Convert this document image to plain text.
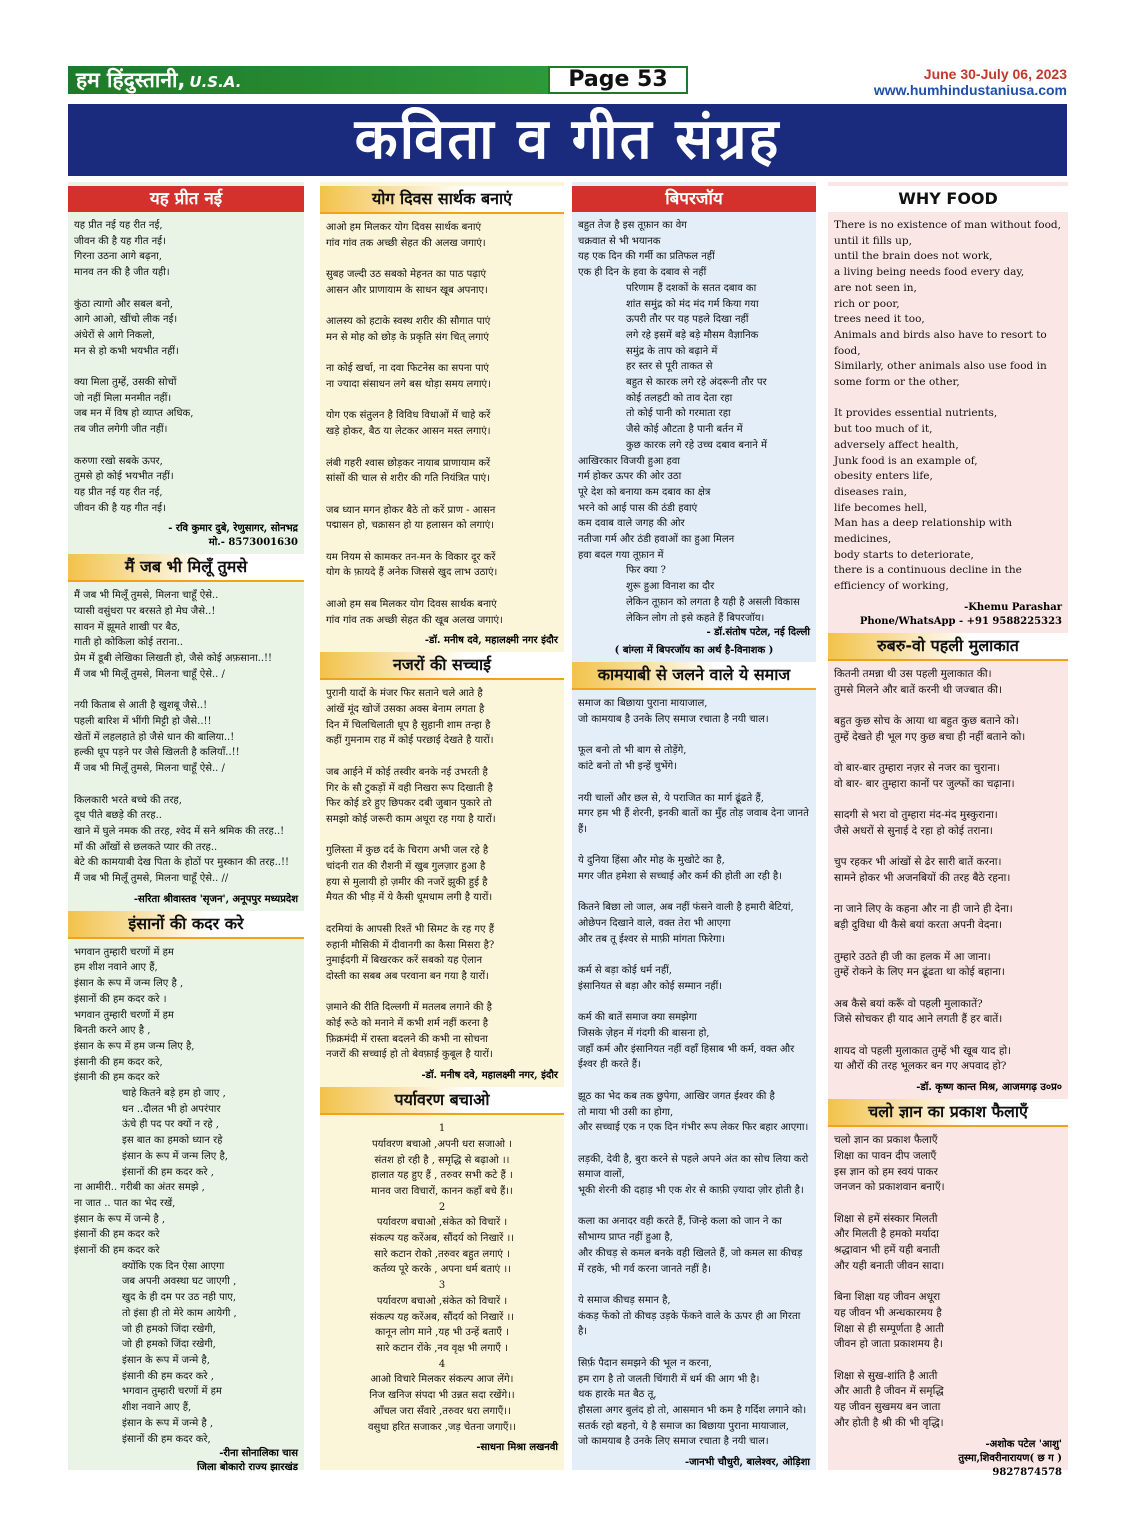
हम हिंदुस्तानी, U.S.A.	Page 53	June 30-July 06, 2023
www.humhindustaniusa.com
कविता व गीत संग्रह
यह प्रीत नई

यह प्रीत नई यह रीत नई,
जीवन की है यह गीत नई।
गिरना उठना आगे बढ़ना,
मानव तन की है जीत यही।

कुंठा त्यागो और सबल बनो,
आगे आओ, खींचो लीक नई।
अंधेरों से आगे निकलो,
मन से हो कभी भयभीत नहीं।

क्या मिला तुम्हें, उसकी सोचों
जो नहीं मिला मनमीत नहीं।
जब मन में विष हो व्याप्त अधिक,
तब जीत लगेगी जीत नहीं।

करुणा रखो सबके ऊपर,
तुमसे हो कोई भयभीत नहीं।
यह प्रीत नई यह रीत नई,
जीवन की है यह गीत नई।

- रवि कुमार दुबे, रेणुसागर, सोनभद्र
मो.- 8573001630
मैं जब भी मिलूँ तुमसे

मैं जब भी मिलूँ तुमसे, मिलना चाहूँ ऐसे..
प्यासी वसुंधरा पर बरसते हो मेघ जैसे..!
सावन में झूमते शाखी पर बैठ,
गाती हो कोकिला कोई तराना..
प्रेम में डूबी लेखिका लिखती हो, जैसे कोई अफ़साना..!!
मैं जब भी मिलूँ तुमसे, मिलना चाहूँ ऐसे.. /

नयी किताब से आती है खुशबू जैसे..!
पहली बारिश में भींगी मिट्टी हो जैसे..!!
खेतों में लहलहाते हो जैसे धान की बालिया..!
हल्की धूप पड़ने पर जैसे खिलती है कलियाँ..!!
मैं जब भी मिलूँ तुमसे, मिलना चाहूँ ऐसे.. /

किलकारी भरते बच्चे की तरह,
दूध पीते बछड़े की तरह..
खाने में घुले नमक की तरह, श्वेद में सने श्रमिक की तरह..!
माँ की आँखों से छलकते प्यार की तरह..
बेटे की कामयाबी देख पिता के होठों पर मुस्कान की तरह..!!
मैं जब भी मिलूँ तुमसे, मिलना चाहूँ ऐसे.. //

-सरिता श्रीवास्तव 'सृजन', अनूपपुर मध्यप्रदेश
इंसानों की कदर करे

भगवान तुम्हारी चरणों में हम
हम शीश नवाने आए हैं,
इंसान के रूप में जन्म लिए है ,
इंसानों की हम कदर करे ।
भगवान तुम्हारी चरणों में हम
बिनती करने आए है ,
इंसान के रूप में हम जन्म लिए है,
इंसानी की हम कदर करे,
इंसानी की हम कदर करे

चाहे कितने बड़े हम हो जाए ,
धन ..दौलत भी हो अपरंपार
ऊंचे ही पद पर क्यों न रहे ,
इस बात का हमको ध्यान रहे
इंसान के रूप में जन्म लिए है,
इंसानों की हम कदर करे ,

ना आमीरी.. गरीबी का अंतर समझे ,
ना जात .. पात का भेद रखें,
इंसान के रूप में जन्मे है ,
इंसानों की हम कदर करे
इंसानों की हम कदर करे

क्योंकि एक दिन ऐसा आएगा
जब अपनी अवस्था घट जाएगी ,
खुद के ही दम पर उठ नही पाए,
तो इंसा ही तो मेरे काम आयेगी ,
जो ही हमको जिंदा रखेगी,
जो ही हमको जिंदा रखेगी,
इंसान के रूप में जन्मे है,
इंसानी की हम कदर करे ,
भगवान तुम्हारी चरणों में हम
शीश नवाने आए हैं,
इंसान के रूप में जन्मे है ,
इंसानों की हम कदर करे,

-रीना सोनालिका चास
जिला बोकारो राज्य झारखंड
योग दिवस सार्थक बनाएं

आओ हम मिलकर योग दिवस सार्थक बनाएं
गांव गांव तक अच्छी सेहत की अलख जगाएं।

सुबह जल्दी उठ सबको मेहनत का पाठ पढ़ाएं
आसन और प्राणायाम के साधन खूब अपनाए।

आलस्य को हटाके स्वस्थ शरीर की सौगात पाएं
मन से मोह को छोड़ के प्रकृति संग चित् लगाएं

ना कोई खर्चा, ना दवा फिटनेस का सपना पाएं
ना ज्यादा संसाधन लगे बस थोड़ा समय लगाएं।

योग एक संतुलन है विविध विधाओं में चाहे करें
खड़े होकर, बैठ या लेटकर आसन मस्त लगाएं।

लंबी गहरी श्वास छोड़कर नायाब प्राणायाम करें
सांसों की चाल से शरीर की गति नियंत्रित पाएं।

जब ध्यान मगन होकर बैठे तो करें प्राण - आसन
पद्मासन हो, चक्रासन हो या हलासन को लगाएं।

यम नियम से कामकर तन-मन के विकार दूर करें
योग के फ़ायदे हैं अनेक जिससे खुद लाभ उठाएं।

आओ हम सब मिलकर योग दिवस सार्थक बनाएं
गांव गांव तक अच्छी सेहत की खूब अलख जगाएं।

-डॉ. मनीष दवे, महालक्ष्मी नगर इंदौर
नजरों की सच्चाई

पुरानी यादों के मंजर फिर सताने चले आते है
आंखें मूंद खोजें उसका अक्स बेनाम लगता है
दिन में चिलचिलाती धूप है सुहानी शाम तन्हा है
कहीं गुमनाम राह में कोई परछाई देखते है यारों।

जब आईने में कोई तस्वीर बनके नई उभरती है
गिर के सौ टुकड़ों में वही निखरा रूप दिखाती है
फिर कोई डरे हुए छिपकर दबी जुबान पुकारे तो
समझो कोई जरूरी काम अधूरा रह गया है यारों।

गुलिस्ता में कुछ दर्द के चिराग अभी जल रहे है
चांदनी रात की रौशनी में खुब गुलज़ार हुआ है
हया से मुलायी हो ज़मीर की नजरें झुकी हुई है
मैयत की भीड़ में ये कैसी धूमधाम लगी है यारों।

दरमियां के आपसी रिश्तें भी सिमट के रह गए हैं
रुहानी मौसिकी में दीवानगी का कैसा मिसरा है?
नुमाईदगी में बिखरकर करें सबको यह ऐलान
दोस्ती का सबब अब परवाना बन गया है यारों।

ज़माने की रीति दिल्लगी में मतलब लगाने की है
कोई रूठे को मनाने में कभी शर्म नहीं करना है
फ़िक्रमंदी में रास्ता बदलने की कभी ना सोचना
नजरों की सच्चाई हो तो बेवफ़ाई कुबूल है यारों।

-डॉ. मनीष दवे, महालक्ष्मी नगर, इंदौर
पर्यावरण बचाओ

1
पर्यावरण बचाओ ,अपनी धरा सजाओ ।
संतश हो रही है , समृद्धि से बढ़ाओ ।।
हालात यह हुए हैं , तरुवर सभी कटे हैं ।
मानव जरा विचारों, कानन कहाँ बचे हैं।।
2
पर्यावरण बचाओ ,संकेत को विचारें ।
संकल्प यह करेंअब, सौंदर्य को निखारें ।।
सारे कटान रोको ,तरुवर बहुत लगाएं ।
कर्तव्य पूरे करके , अपना धर्म बताएं ।।
3
पर्यावरण बचाओ ,संकेत को विचारें ।
संकल्प यह करेंअब, सौंदर्य को निखारें ।।
कानून लोग माने ,यह भी उन्हें बताएँ ।
सारे कटान रोंके ,नव वृक्ष भी लगाएँ ।
4
आओ विचारे मिलकर संकल्प आज लेंगे।
निज खनिज संपदा भी उन्नत सदा रखेंगे।।
आँचल जरा सँवारे ,तरुवर धरा लगाएँ।।
वसुधा हरित सजाकर ,जड़ चेतना जगाएँ।।

-साधना मिश्रा लखनवी
बिपरजॉय

बहुत तेज है इस तूफ़ान का वेग
चक्रवात से भी भयानक
यह एक दिन की गर्मी का प्रतिफल नहीं
एक ही दिन के हवा के दबाव से नहीं

परिणाम हैं दशकों के सतत दबाव का
शांत समुंद्र को मंद मंद गर्म किया गया
ऊपरी तौर पर यह पहले दिखा नहीं
लगे रहे इसमें बड़े बड़े मौसम वैज्ञानिक
समुंद्र के ताप को बढ़ाने में
हर स्तर से पूरी ताकत से
बहुत से कारक लगे रहे अंदरूनी तौर पर
कोई तलहटी को ताव देता रहा
तो कोई पानी को गरमाता रहा
जैसे कोई औटता है पानी बर्तन में
कुछ कारक लगे रहे उच्च दबाव बनाने में

आखिरकार विजयी हुआ हवा
गर्म होकर ऊपर की ओर उठा
पूरे देश को बनाया कम दबाव का क्षेत्र
भरने को आई पास की ठंडी हवाएं
कम दवाब वाले जगह की ओर
नतीजा गर्म और ठंडी हवाओं का हुआ मिलन
हवा बदल गया तूफ़ान में

फिर क्या ?
शुरू हुआ विनाश का दौर
लेकिन तूफ़ान को लगता है यही है असली विकास
लेकिन लोग तो इसे कहते हैं बिपरजॉय।

- डॉ.संतोष पटेल, नई दिल्ली
( बांग्ला में बिपरजॉय का अर्थ है-विनाशक )
कामयाबी से जलने वाले ये समाज

समाज का बिछाया पुराना मायाजाल,
जो कामयाब है उनके लिए समाज रचाता है नयी चाल।

फूल बनो तो भी बाग से तोड़ेंगे,
कांटे बनो तो भी इन्हें चुभेंगे।

नयी चालों और छल से, ये पराजित का मार्ग ढूंढते हैं,
मगर हम भी हैं शेरनी, इनकी बातों का मुँह तोड़ जवाब देना जानते हैं।

ये दुनिया हिंसा और मोह के मुखोटे का है,
मगर जीत हमेशा से सच्चाई और कर्म की होती आ रही है।

कितने बिछा लो जाल, अब नहीं फंसने वाली है हमारी बेटियां,
ओछेपन दिखाने वाले, वक्त तेरा भी आएगा
और तब तू ईश्वर से माफ़ी मांगता फिरेगा।

कर्म से बड़ा कोई धर्म नहीं,
इंसानियत से बड़ा और कोई सम्मान नहीं।

कर्म की बातें समाज क्या समझेगा
जिसके ज़ेहन में गंदगी की बासना हो,
जहाँ कर्म और इंसानियत नहीं वहाँ हिसाब भी कर्म, वक्त और ईश्वर ही करते हैं।

झूठ का भेद कब तक छुपेगा, आखिर जगत ईश्वर की है
तो माया भी उसी का होगा,
और सच्चाई एक न एक दिन गंभीर रूप लेकर फिर बहार आएगा।

लड़की, देवी है, बुरा करने से पहले अपने अंत का सोच लिया करो समाज वालों,
भूकी शेरनी की दहाड़ भी एक शेर से काफ़ी ज़्यादा ज़ोर होती है।

कला का अनादर वही करते हैं, जिन्हे कला को जान ने का सौभाग्य प्राप्त नहीं हुआ है,
और कीचड़ से कमल बनके वही खिलते हैं, जो कमल सा कीचड़ में रहके, भी गर्व करना जानते नहीं है।

ये समाज कीचड़ समान है,
कंकड़ फेंको तो कीचड़ उड़के फेंकने वाले के ऊपर ही आ गिरता है।

सिर्फ़ पैदान समझने की भूल न करना,
हम राग है तो जलती चिंगारी में धर्म की आग भी है।
थक हारके मत बैठ तू,
हौसला अगर बुलंद हो तो, आसमान भी कम है गर्दिश लगाने को।
सतर्क रहो बहनो, ये है समाज का बिछाया पुराना मायाजाल,
जो कामयाब है उनके लिए समाज रचाता है नयी चाल।

-जानभी चौधुरी, बालेश्वर, ओड़िशा
WHY FOOD

There is no existence of man without food,
until it fills up,
until the brain does not work,
a living being needs food every day,
are not seen in,
rich or poor,
trees need it too,
Animals and birds also have to resort to food,
Similarly, other animals also use food in some form or the other,

It provides essential nutrients,
but too much of it,
adversely affect health,
Junk food is an example of,
obesity enters life,
diseases rain,
life becomes hell,
Man has a deep relationship with medicines,
body starts to deteriorate,
there is a continuous decline in the efficiency of working,

-Khemu Parashar
Phone/WhatsApp - +91 9588225323
रुबरु-वो पहली मुलाकात

कितनी तमन्ना थी उस पहली मुलाकात की।
तुमसे मिलने और बातें करनी थी जज्बात की।

बहुत कुछ सोच के आया था बहुत कुछ बताने को।
तुम्हें देखते ही भूल गए कुछ बचा ही नहीं बताने को।

वो बार-बार तुम्हारा नज़र से नजर का चुराना।
वो बार- बार तुम्हारा कानों पर जुल्फों का चढ़ाना।

सादगी से भरा वो तुम्हारा मंद-मंद मुस्कुराना।
जैसे अधरों से सुनाई दे रहा हो कोई तराना।

चुप रहकर भी आंखों से ढेर सारी बातें करना।
सामने होकर भी अजनबियों की तरह बैठे रहना।

ना जाने लिए के कहना और ना ही जाने ही देना।
बड़ी दुविधा थी कैसे बयां करता अपनी वेदना।

तुम्हारे उठते ही जी का हलक में आ जाना।
तुम्हें रोकने के लिए मन ढूंढता था कोई बहाना।

अब कैसे बयां करूँ वो पहली मुलाकातें?
जिसे सोचकर ही याद आने लगती हैं हर बातें।

शायद वो पहली मुलाकात तुम्हें भी खूब याद हो।
या औरों की तरह भूलकर बन गए अपवाद हो?

-डॉ. कृष्ण कान्त मिश्र, आजमगढ़ उ०प्र०
चलो ज्ञान का प्रकाश फैलाएँ

चलो ज्ञान का प्रकाश फैलाएँ
शिक्षा का पावन दीप जलाएँ
इस ज्ञान को हम स्वयं पाकर
जनजन को प्रकाशवान बनाएँ।

शिक्षा से हमें संस्कार मिलती
और मिलती है हमको मर्यादा
श्रद्धावान भी हमें यही बनाती
और यही बनाती जीवन सादा।

बिना शिक्षा यह जीवन अधूरा
यह जीवन भी अन्धकारमय है
शिक्षा से ही सम्पूर्णता है आती
जीवन हो जाता प्रकाशमय है।

शिक्षा से सुख-शांति है आती
और आती है जीवन में समृद्धि
यह जीवन सुखमय बन जाता
और होती है श्री की भी वृद्धि।

-अशोक पटेल 'आशु'
तुस्मा,शिवरीनारायण( छ ग )
9827874578
